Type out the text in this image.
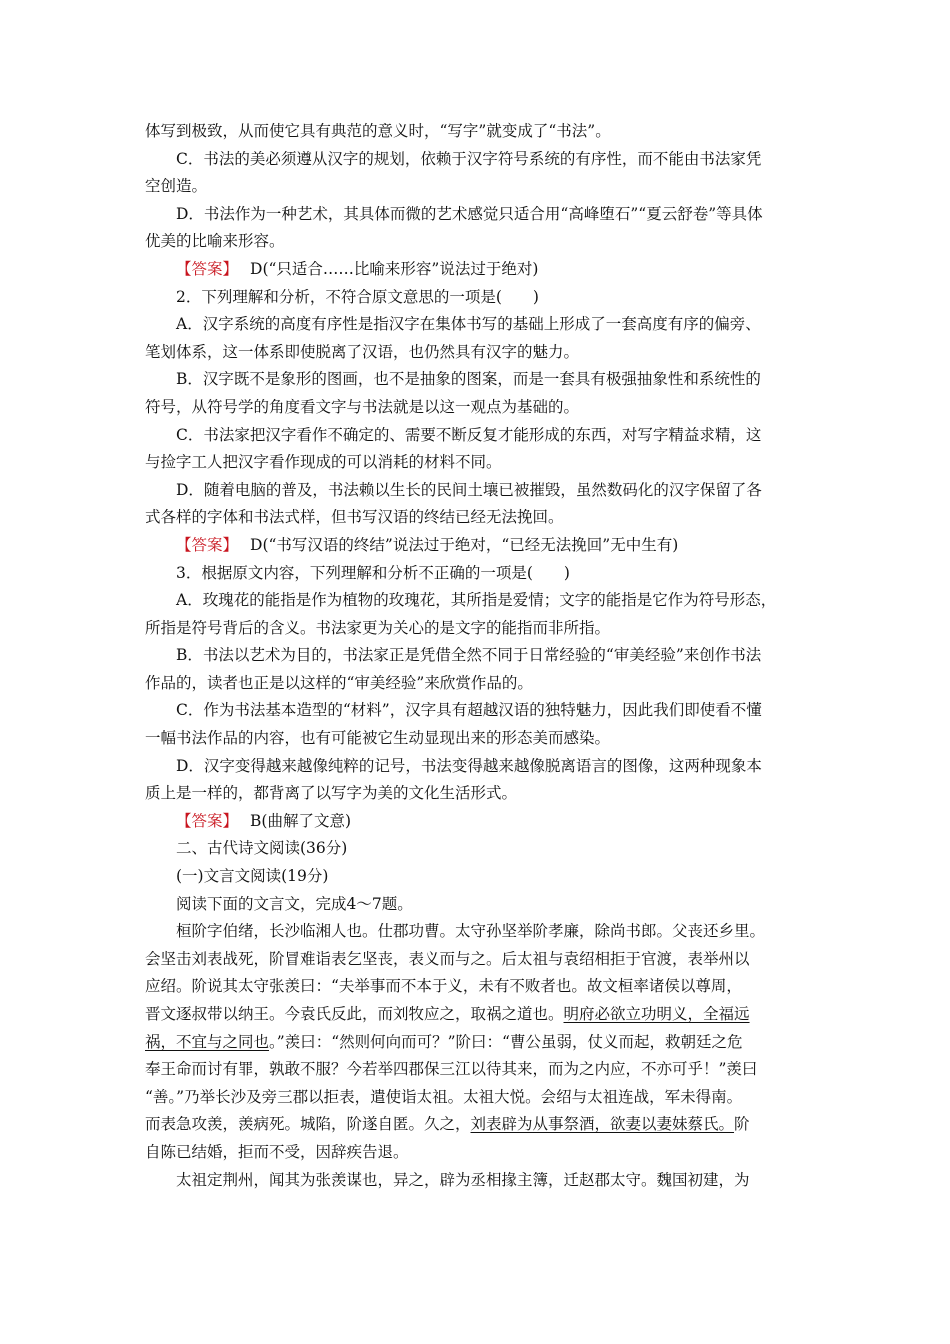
体写到极致，从而使它具有典范的意义时，“写字”就变成了“书法”。
C．书法的美必须遵从汉字的规划，依赖于汉字符号系统的有序性，而不能由书法家凭
空创造。
D．书法作为一种艺术，其具体而微的艺术感觉只适合用“高峰堕石”“夏云舒卷”等具体
优美的比喻来形容。
【答案】 D(“只适合……比喻来形容”说法过于绝对)
2．下列理解和分析，不符合原文意思的一项是(　　)
A．汉字系统的高度有序性是指汉字在集体书写的基础上形成了一套高度有序的偏旁、
笔划体系，这一体系即使脱离了汉语，也仍然具有汉字的魅力。
B．汉字既不是象形的图画，也不是抽象的图案，而是一套具有极强抽象性和系统性的
符号，从符号学的角度看文字与书法就是以这一观点为基础的。
C．书法家把汉字看作不确定的、需要不断反复才能形成的东西，对写字精益求精，这
与捡字工人把汉字看作现成的可以消耗的材料不同。
D．随着电脑的普及，书法赖以生长的民间土壤已被摧毁，虽然数码化的汉字保留了各
式各样的字体和书法式样，但书写汉语的终结已经无法挽回。
【答案】 D(“书写汉语的终结”说法过于绝对，“已经无法挽回”无中生有)
3．根据原文内容，下列理解和分析不正确的一项是(　　)
A．玫瑰花的能指是作为植物的玫瑰花，其所指是爱情；文字的能指是它作为符号形态，
所指是符号背后的含义。书法家更为关心的是文字的能指而非所指。
B．书法以艺术为目的，书法家正是凭借全然不同于日常经验的“审美经验”来创作书法
作品的，读者也正是以这样的“审美经验”来欣赏作品的。
C．作为书法基本造型的“材料”，汉字具有超越汉语的独特魅力，因此我们即使看不懂
一幅书法作品的内容，也有可能被它生动显现出来的形态美而感染。
D．汉字变得越来越像纯粹的记号，书法变得越来越像脱离语言的图像，这两种现象本
质上是一样的，都背离了以写字为美的文化生活形式。
【答案】 B(曲解了文意)
二、古代诗文阅读(36分)
(一)文言文阅读(19分)
阅读下面的文言文，完成4～7题。
桓阶字伯绪，长沙临湘人也。仕郡功曹。太守孙坚举阶孝廉，除尚书郎。父丧还乡里。
会坚击刘表战死，阶冒难诣表乞坚丧，表义而与之。后太祖与袁绍相拒于官渡，表举州以
应绍。阶说其太守张羡曰：“夫举事而不本于义，未有不败者也。故文桓率诸侯以尊周，
晋文逐叔带以纳王。今袁氏反此，而刘牧应之，取祸之道也。明府必欲立功明义，全福远
祸，不宜与之同也。”羡曰：“然则何向而可？”阶曰：“曹公虽弱，仗义而起，救朝廷之危
奉王命而讨有罪，孰敢不服？今若举四郡保三江以待其来，而为之内应，不亦可乎！”羡曰
“善。”乃举长沙及旁三郡以拒表，遣使诣太祖。太祖大悦。会绍与太祖连战，军未得南。
而表急攻羡，羡病死。城陷，阶遂自匿。久之，刘表辟为从事祭酒，欲妻以妻妹蔡氏。阶
自陈已结婚，拒而不受，因辞疾告退。
太祖定荆州，闻其为张羡谋也，异之，辟为丞相掾主簿，迁赵郡太守。魏国初建，为
